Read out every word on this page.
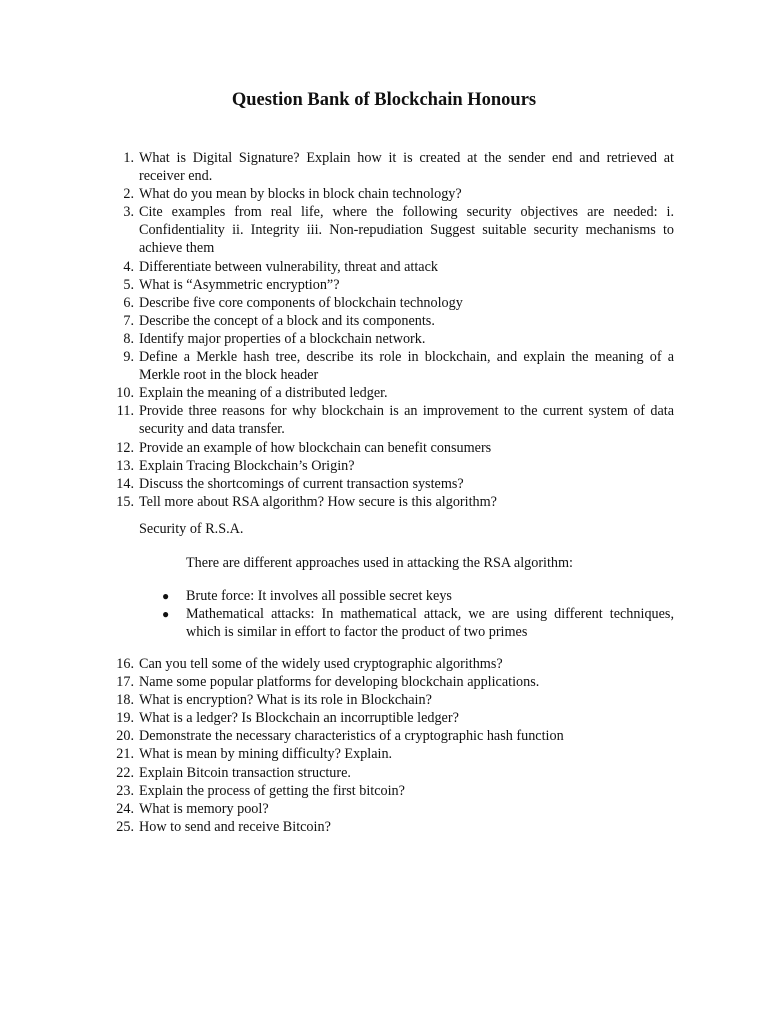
Question Bank of Blockchain Honours
1. What is Digital Signature? Explain how it is created at the sender end and retrieved at receiver end.
2. What do you mean by blocks in block chain technology?
3. Cite examples from real life, where the following security objectives are needed: i. Confidentiality ii. Integrity iii. Non-repudiation Suggest suitable security mechanisms to achieve them
4. Differentiate between vulnerability, threat and attack
5. What is “Asymmetric encryption”?
6. Describe five core components of blockchain technology
7. Describe the concept of a block and its components.
8. Identify major properties of a blockchain network.
9. Define a Merkle hash tree, describe its role in blockchain, and explain the meaning of a Merkle root in the block header
10. Explain the meaning of a distributed ledger.
11. Provide three reasons for why blockchain is an improvement to the current system of data security and data transfer.
12. Provide an example of how blockchain can benefit consumers
13. Explain Tracing Blockchain’s Origin?
14. Discuss the shortcomings of current transaction systems?
15. Tell more about RSA algorithm? How secure is this algorithm?
Security of R.S.A.
There are different approaches used in attacking the RSA algorithm:
● Brute force: It involves all possible secret keys
● Mathematical attacks: In mathematical attack, we are using different techniques, which is similar in effort to factor the product of two primes
16. Can you tell some of the widely used cryptographic algorithms?
17. Name some popular platforms for developing blockchain applications.
18. What is encryption? What is its role in Blockchain?
19. What is a ledger? Is Blockchain an incorruptible ledger?
20. Demonstrate the necessary characteristics of a cryptographic hash function
21. What is mean by mining difficulty? Explain.
22. Explain Bitcoin transaction structure.
23. Explain the process of getting the first bitcoin?
24. What is memory pool?
25. How to send and receive Bitcoin?
